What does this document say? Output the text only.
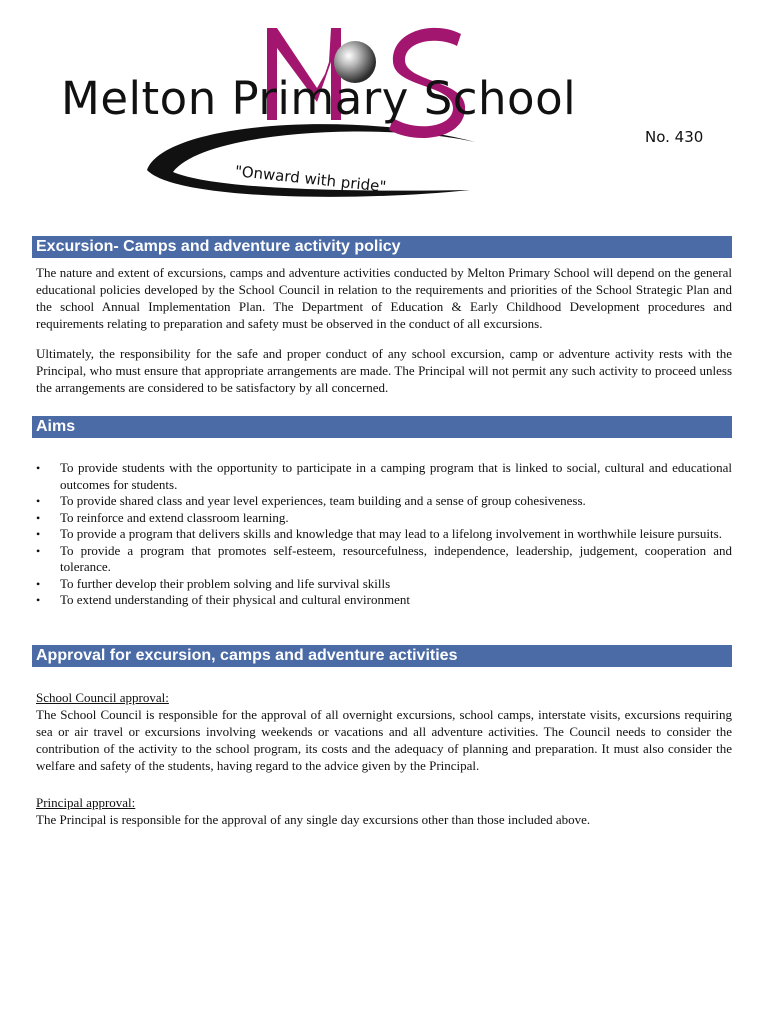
Melton Primary School
No. 430
"Onward with pride"
Excursion- Camps and adventure activity policy

The nature and extent of excursions, camps and adventure activities conducted by Melton Primary School will depend on the general educational policies developed by the School Council in relation to the requirements and priorities of the School Strategic Plan and the school Annual Implementation Plan. The Department of Education & Early Childhood Development procedures and requirements relating to preparation and safety must be observed in the conduct of all excursions.

Ultimately, the responsibility for the safe and proper conduct of any school excursion, camp or adventure activity rests with the Principal, who must ensure that appropriate arrangements are made. The Principal will not permit any such activity to proceed unless the arrangements are considered to be satisfactory by all concerned.

Aims
• To provide students with the opportunity to participate in a camping program that is linked to social, cultural and educational outcomes for students.
• To provide shared class and year level experiences, team building and a sense of group cohesiveness.
• To reinforce and extend classroom learning.
• To provide a program that delivers skills and knowledge that may lead to a lifelong involvement in worthwhile leisure pursuits.
• To provide a program that promotes self-esteem, resourcefulness, independence, leadership, judgement, cooperation and tolerance.
• To further develop their problem solving and life survival skills
• To extend understanding of their physical and cultural environment
Approval for excursion, camps and adventure activities

School Council approval:

The School Council is responsible for the approval of all overnight excursions, school camps, interstate visits, excursions requiring sea or air travel or excursions involving weekends or vacations and all adventure activities. The Council needs to consider the contribution of the activity to the school program, its costs and the adequacy of planning and preparation. It must also consider the welfare and safety of the students, having regard to the advice given by the Principal.

Principal approval:

The Principal is responsible for the approval of any single day excursions other than those included above.
